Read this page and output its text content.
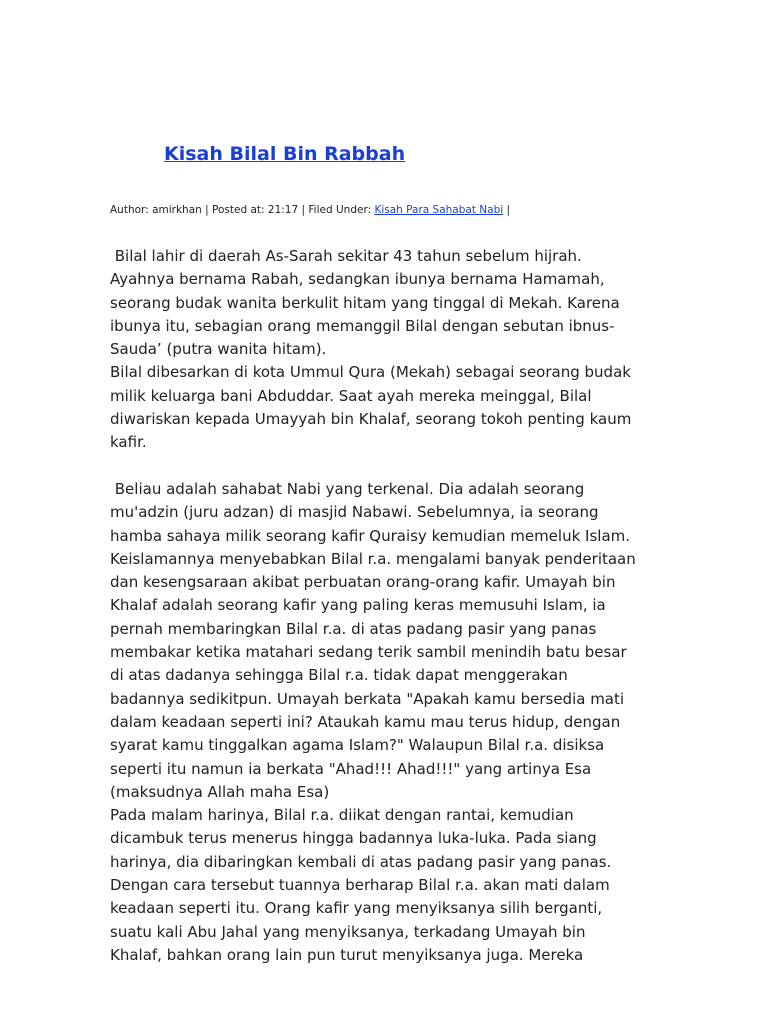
Kisah Bilal Bin Rabbah
Author: amirkhan | Posted at: 21:17 | Filed Under: Kisah Para Sahabat Nabi |
Bilal lahir di daerah As-Sarah sekitar 43 tahun sebelum hijrah.
Ayahnya bernama Rabah, sedangkan ibunya bernama Hamamah,
seorang budak wanita berkulit hitam yang tinggal di Mekah. Karena
ibunya itu, sebagian orang memanggil Bilal dengan sebutan ibnus-
Sauda’ (putra wanita hitam).
Bilal dibesarkan di kota Ummul Qura (Mekah) sebagai seorang budak
milik keluarga bani Abduddar. Saat ayah mereka meinggal, Bilal
diwariskan kepada Umayyah bin Khalaf, seorang tokoh penting kaum
kafir.
Beliau adalah sahabat Nabi yang terkenal. Dia adalah seorang
mu'adzin (juru adzan) di masjid Nabawi. Sebelumnya, ia seorang
hamba sahaya milik seorang kafir Quraisy kemudian memeluk Islam.
Keislamannya menyebabkan Bilal r.a. mengalami banyak penderitaan
dan kesengsaraan akibat perbuatan orang-orang kafir. Umayah bin
Khalaf adalah seorang kafir yang paling keras memusuhi Islam, ia
pernah membaringkan Bilal r.a. di atas padang pasir yang panas
membakar ketika matahari sedang terik sambil menindih batu besar
di atas dadanya sehingga Bilal r.a. tidak dapat menggerakan
badannya sedikitpun. Umayah berkata "Apakah kamu bersedia mati
dalam keadaan seperti ini? Ataukah kamu mau terus hidup, dengan
syarat kamu tinggalkan agama Islam?" Walaupun Bilal r.a. disiksa
seperti itu namun ia berkata "Ahad!!! Ahad!!!" yang artinya Esa
(maksudnya Allah maha Esa)
Pada malam harinya, Bilal r.a. diikat dengan rantai, kemudian
dicambuk terus menerus hingga badannya luka-luka. Pada siang
harinya, dia dibaringkan kembali di atas padang pasir yang panas.
Dengan cara tersebut tuannya berharap Bilal r.a. akan mati dalam
keadaan seperti itu. Orang kafir yang menyiksanya silih berganti,
suatu kali Abu Jahal yang menyiksanya, terkadang Umayah bin
Khalaf, bahkan orang lain pun turut menyiksanya juga. Mereka
